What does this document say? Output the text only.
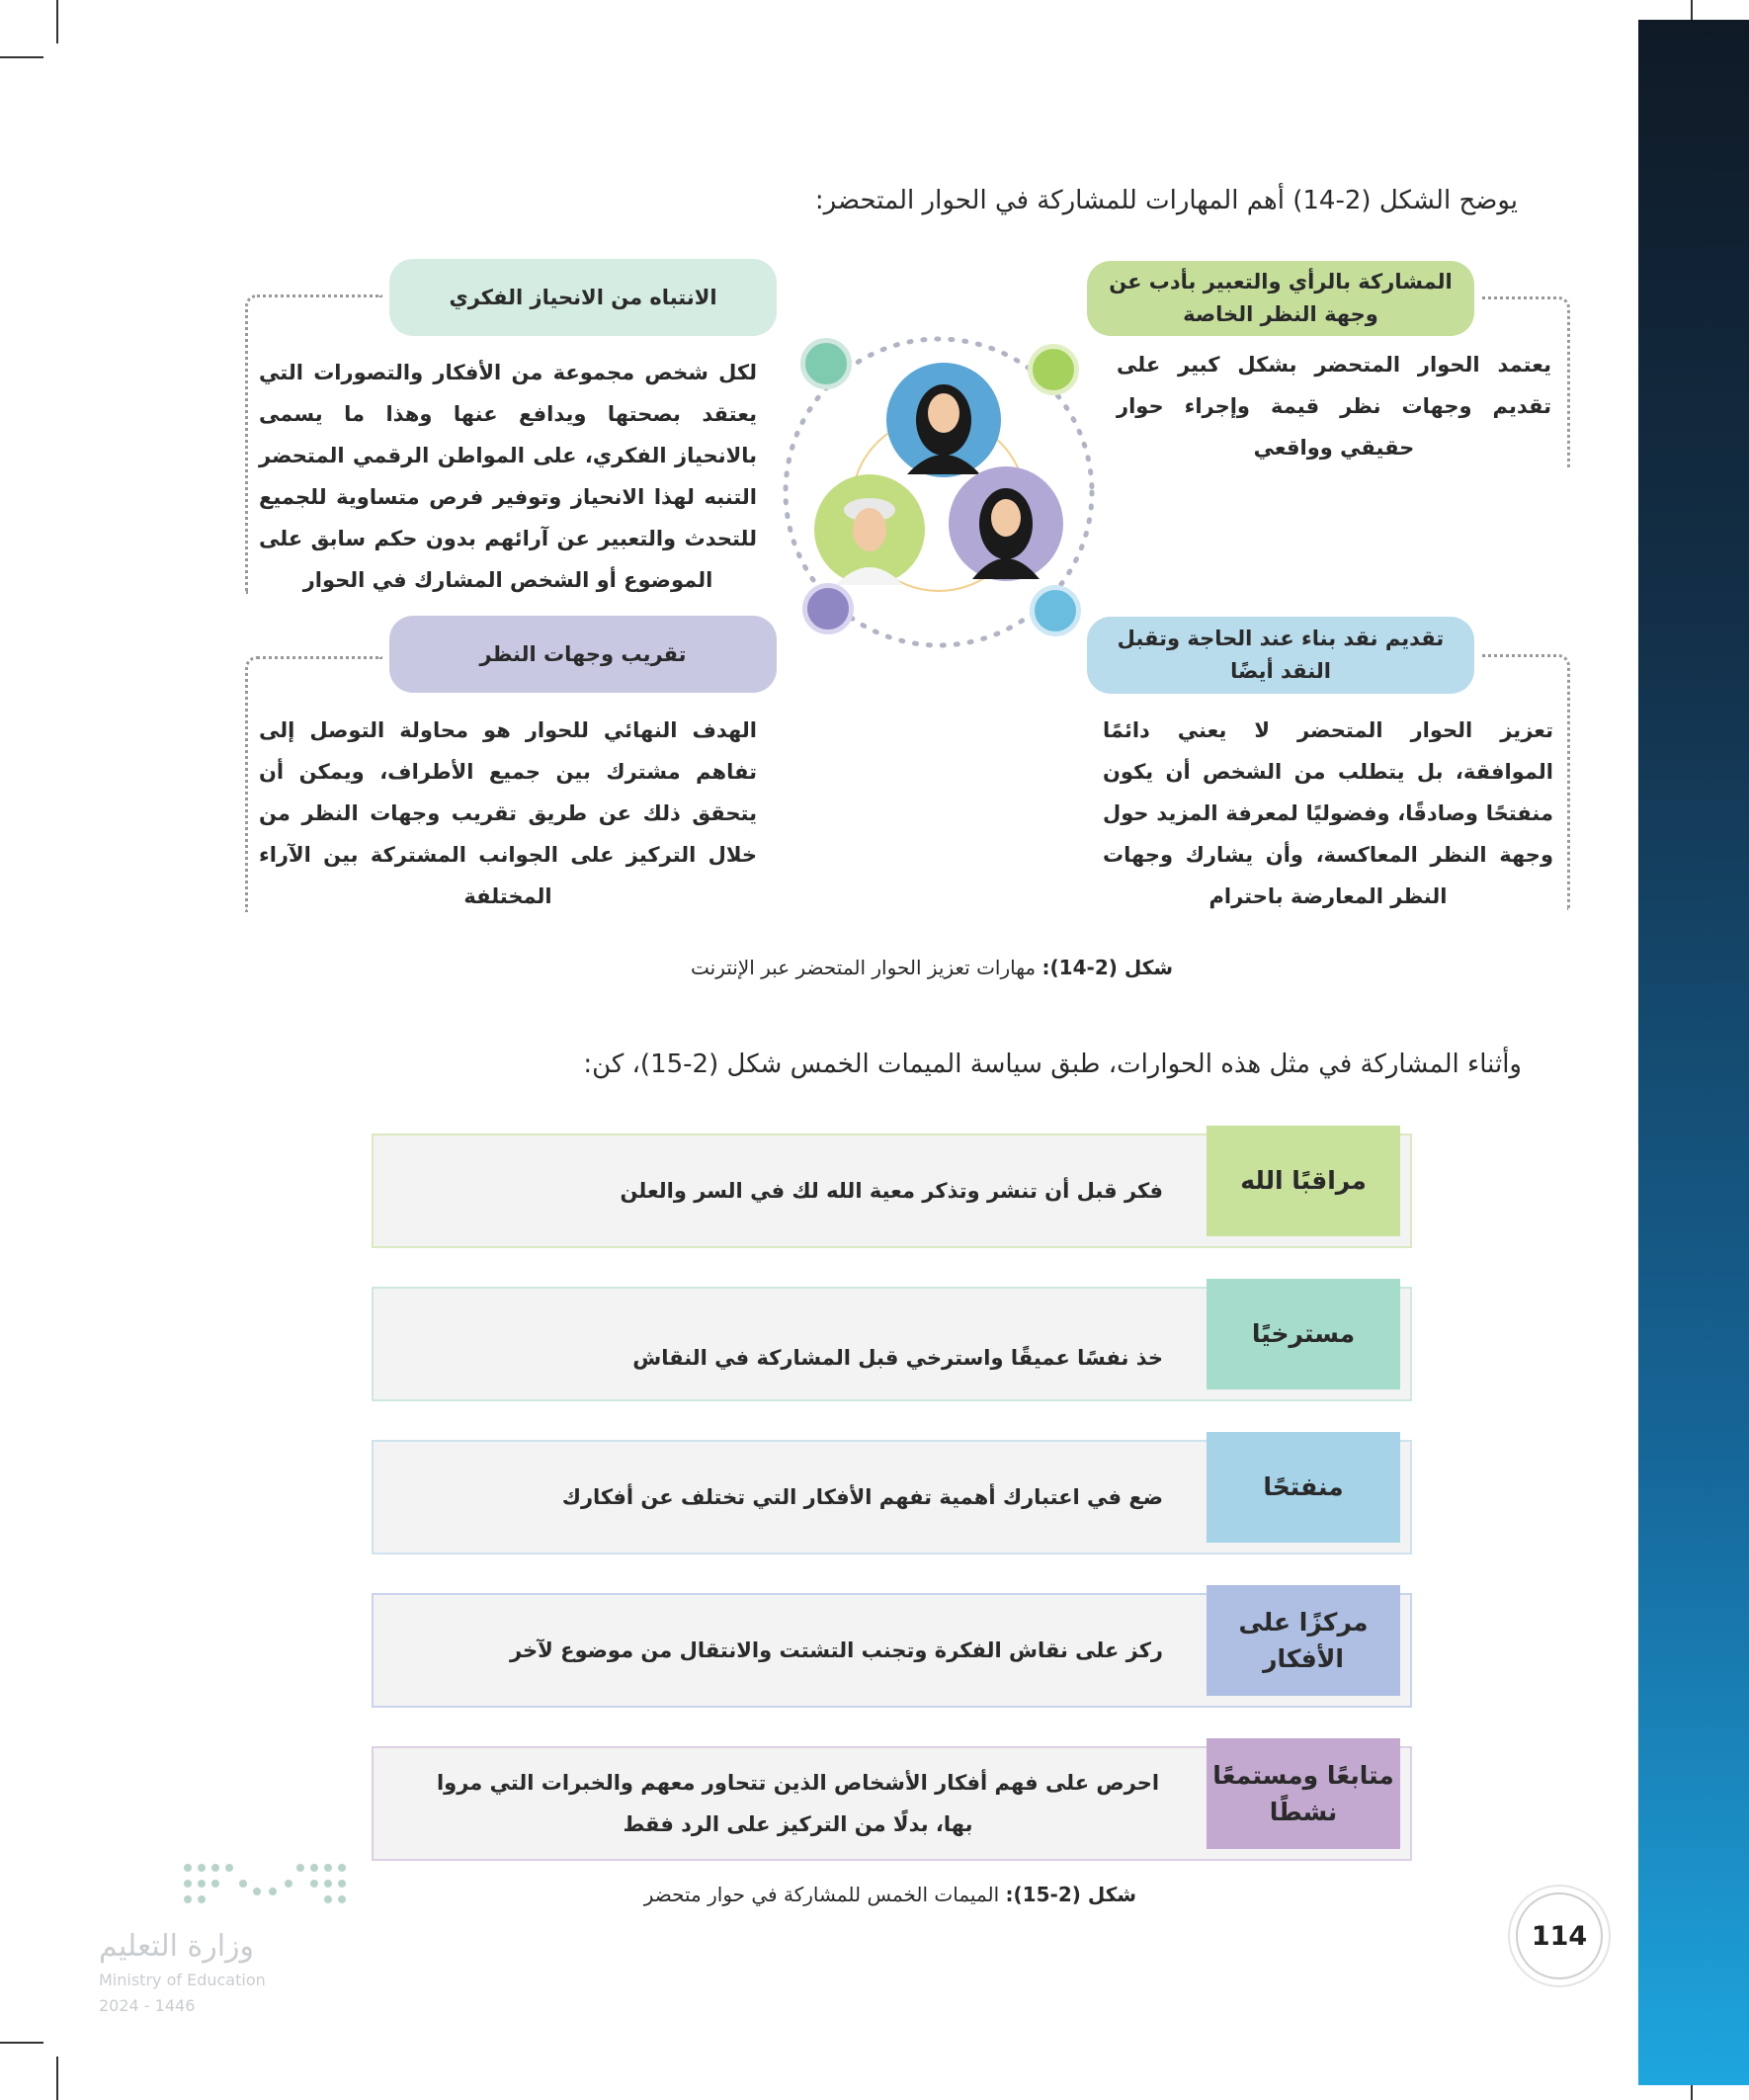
يوضح الشكل (2-14) أهم المهارات للمشاركة في الحوار المتحضر:
المشاركة بالرأي والتعبير بأدب عن وجهة النظر الخاصة
يعتمد الحوار المتحضر بشكل كبير على تقديم وجهات نظر قيمة وإجراء حوار حقيقي وواقعي
الانتباه من الانحياز الفكري
لكل شخص مجموعة من الأفكار والتصورات التي يعتقد بصحتها ويدافع عنها وهذا ما يسمى بالانحياز الفكري، على المواطن الرقمي المتحضر التنبه لهذا الانحياز وتوفير فرص متساوية للجميع للتحدث والتعبير عن آرائهم بدون حكم سابق على الموضوع أو الشخص المشارك في الحوار
تقديم نقد بناء عند الحاجة وتقبل النقد أيضًا
تعزيز الحوار المتحضر لا يعني دائمًا الموافقة، بل يتطلب من الشخص أن يكون منفتحًا وصادقًا، وفضوليًا لمعرفة المزيد حول وجهة النظر المعاكسة، وأن يشارك وجهات النظر المعارضة باحترام
تقريب وجهات النظر
الهدف النهائي للحوار هو محاولة التوصل إلى تفاهم مشترك بين جميع الأطراف، ويمكن أن يتحقق ذلك عن طريق تقريب وجهات النظر من خلال التركيز على الجوانب المشتركة بين الآراء المختلفة
شكل (2-14): مهارات تعزيز الحوار المتحضر عبر الإنترنت
وأثناء المشاركة في مثل هذه الحوارات، طبق سياسة الميمات الخمس شكل (2-15)، كن:
مراقبًا الله
فكر قبل أن تنشر وتذكر معية الله لك في السر والعلن
مسترخيًا
خذ نفسًا عميقًا واسترخي قبل المشاركة في النقاش
منفتحًا
ضع في اعتبارك أهمية تفهم الأفكار التي تختلف عن أفكارك
مركزًا على الأفكار
ركز على نقاش الفكرة وتجنب التشتت والانتقال من موضوع لآخر
متابعًا ومستمعًا نشطًا
احرص على فهم أفكار الأشخاص الذين تتحاور معهم والخبرات التي مروا بها، بدلًا من التركيز على الرد فقط
شكل (2-15): الميمات الخمس للمشاركة في حوار متحضر
114
وزارة التعليم
Ministry of Education
2024 - 1446
